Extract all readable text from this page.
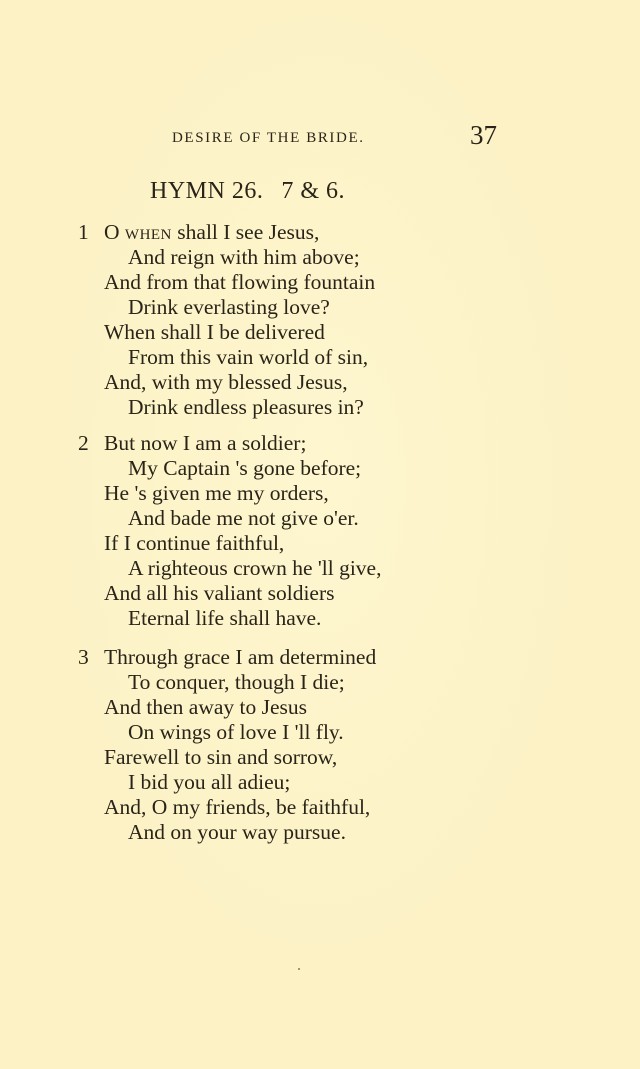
DESIRE OF THE BRIDE.	37
HYMN 26. 7 & 6.
1 O when shall I see Jesus,
And reign with him above;
And from that flowing fountain
Drink everlasting love?
When shall I be delivered
From this vain world of sin,
And, with my blessed Jesus,
Drink endless pleasures in?
2 But now I am a soldier;
My Captain 's gone before;
He 's given me my orders,
And bade me not give o'er.
If I continue faithful,
A righteous crown he 'll give,
And all his valiant soldiers
Eternal life shall have.
3 Through grace I am determined
To conquer, though I die;
And then away to Jesus
On wings of love I 'll fly.
Farewell to sin and sorrow,
I bid you all adieu;
And, O my friends, be faithful,
And on your way pursue.
